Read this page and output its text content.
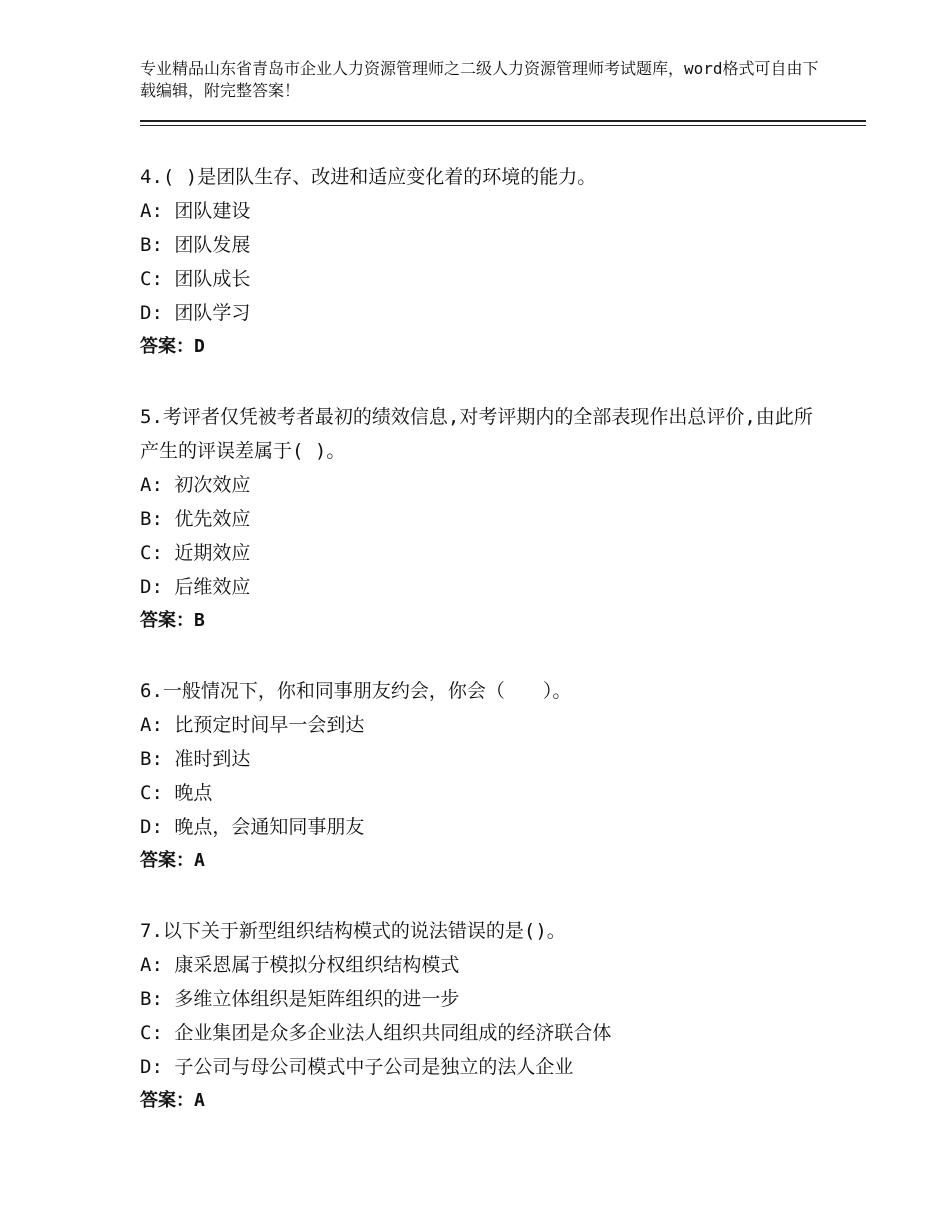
专业精品山东省青岛市企业人力资源管理师之二级人力资源管理师考试题库，word格式可自由下载编辑，附完整答案！
4.( )是团队生存、改进和适应变化着的环境的能力。
A: 团队建设
B: 团队发展
C: 团队成长
D: 团队学习
答案：D
5.考评者仅凭被考者最初的绩效信息,对考评期内的全部表现作出总评价,由此所产生的评误差属于( )。
A: 初次效应
B: 优先效应
C: 近期效应
D: 后维效应
答案：B
6.一般情况下，你和同事朋友约会，你会（　　）。
A: 比预定时间早一会到达
B: 准时到达
C: 晚点
D: 晚点，会通知同事朋友
答案：A
7.以下关于新型组织结构模式的说法错误的是()。
A: 康采恩属于模拟分权组织结构模式
B: 多维立体组织是矩阵组织的进一步
C: 企业集团是众多企业法人组织共同组成的经济联合体
D: 子公司与母公司模式中子公司是独立的法人企业
答案：A
